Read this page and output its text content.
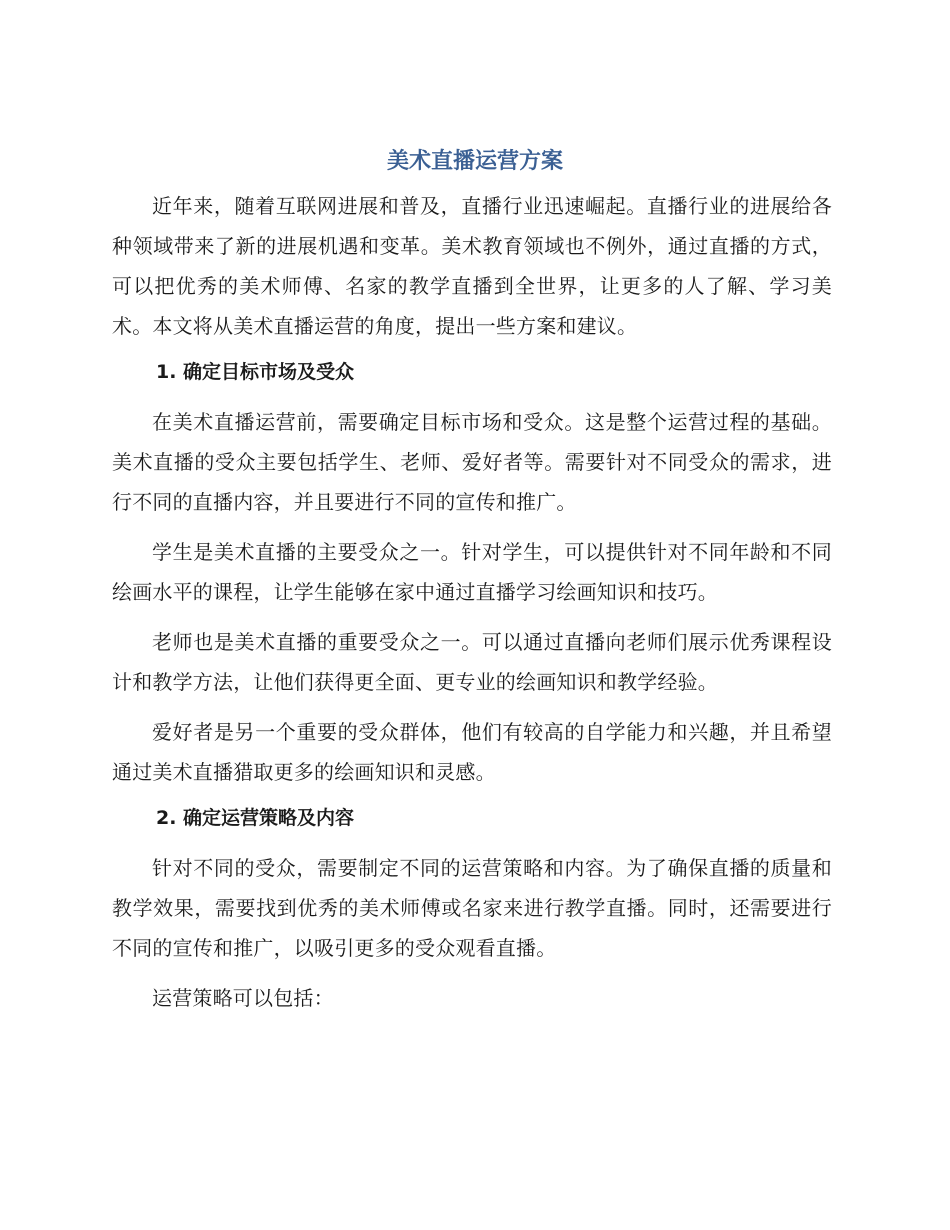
美术直播运营方案

近年来，随着互联网进展和普及，直播行业迅速崛起。直播行业的进展给各种领域带来了新的进展机遇和变革。美术教育领域也不例外，通过直播的方式，可以把优秀的美术师傅、名家的教学直播到全世界，让更多的人了解、学习美术。本文将从美术直播运营的角度，提出一些方案和建议。

1. 确定目标市场及受众

在美术直播运营前，需要确定目标市场和受众。这是整个运营过程的基础。美术直播的受众主要包括学生、老师、爱好者等。需要针对不同受众的需求，进行不同的直播内容，并且要进行不同的宣传和推广。

学生是美术直播的主要受众之一。针对学生，可以提供针对不同年龄和不同绘画水平的课程，让学生能够在家中通过直播学习绘画知识和技巧。

老师也是美术直播的重要受众之一。可以通过直播向老师们展示优秀课程设计和教学方法，让他们获得更全面、更专业的绘画知识和教学经验。

爱好者是另一个重要的受众群体，他们有较高的自学能力和兴趣，并且希望通过美术直播猎取更多的绘画知识和灵感。

2. 确定运营策略及内容

针对不同的受众，需要制定不同的运营策略和内容。为了确保直播的质量和教学效果，需要找到优秀的美术师傅或名家来进行教学直播。同时，还需要进行不同的宣传和推广，以吸引更多的受众观看直播。

运营策略可以包括：
